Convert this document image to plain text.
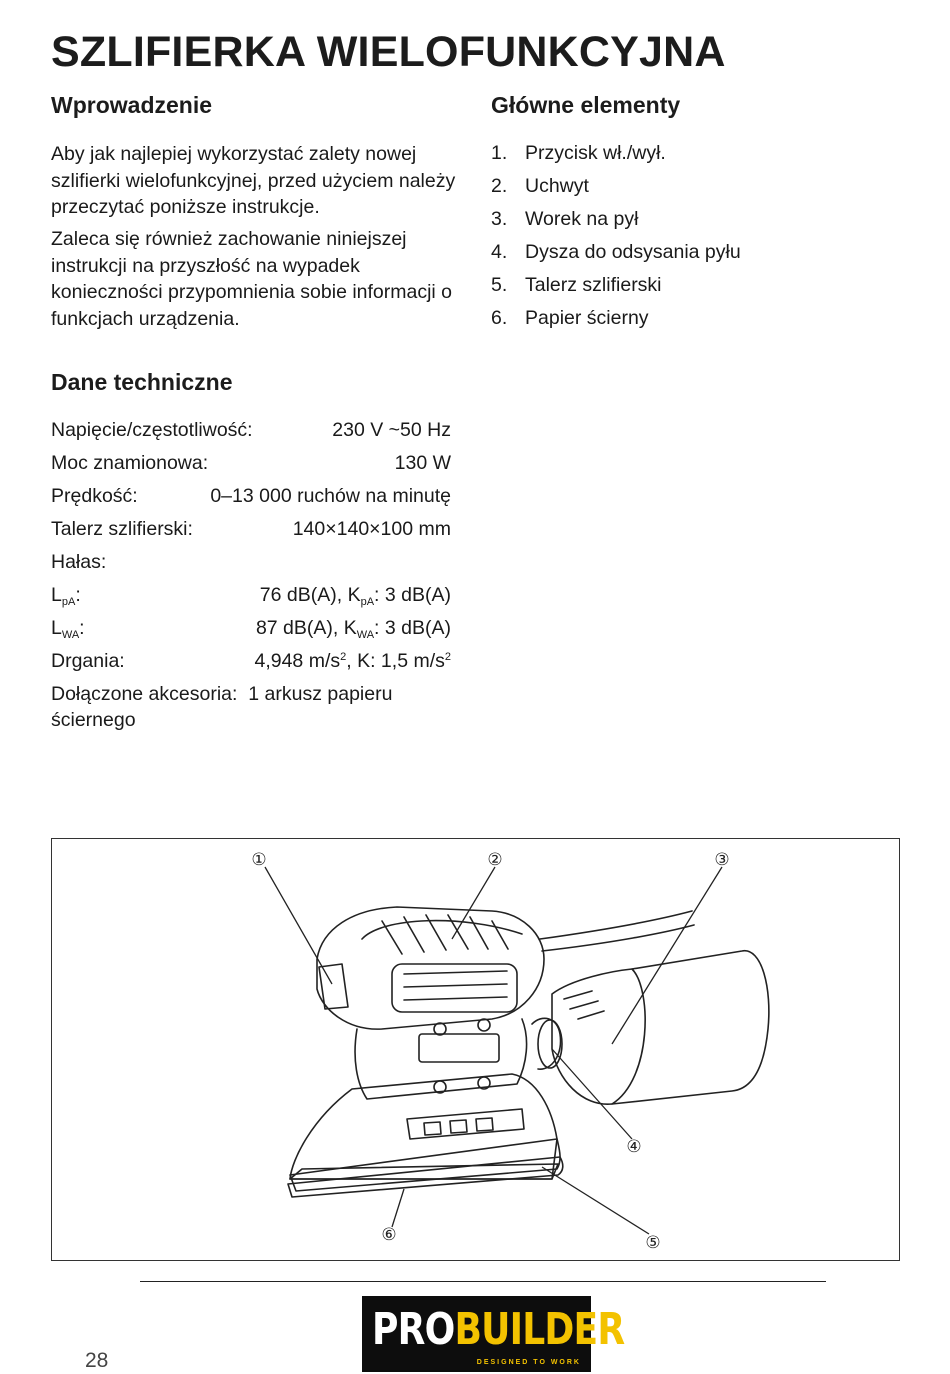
SZLIFIERKA WIELOFUNKCYJNA
Wprowadzenie

Aby jak najlepiej wykorzystać zalety nowej szlifierki wielofunkcyjnej, przed użyciem należy przeczytać poniższe instrukcje.

Zaleca się również zachowanie niniejszej instrukcji na przyszłość na wypadek konieczności przypomnienia sobie informacji o funkcjach urządzenia.

Główne elementy
1. Przycisk wł./wył.
2. Uchwyt
3. Worek na pył
4. Dysza do odsysania pyłu
5. Talerz szlifierski
6. Papier ścierny
Dane techniczne
Napięcie/częstotliwość:	230 V ~50 Hz
Moc znamionowa:	130 W
Prędkość:	0–13 000 ruchów na minutę
Talerz szlifierski:	140×140×100 mm
Hałas:
$L_{pA}$:	76 dB(A), $K_{pA}$: 3 dB(A)
$L_{WA}$:	87 dB(A), $K_{WA}$: 3 dB(A)
Drgania:	4,948 $m/s^2$, K: 1,5 $m/s^2$
Dołączone akcesoria: 1 arkusz papieru ściernego
①	②	③
④
⑤
⑥
PROBUILDER
DESIGNED TO WORK
28
